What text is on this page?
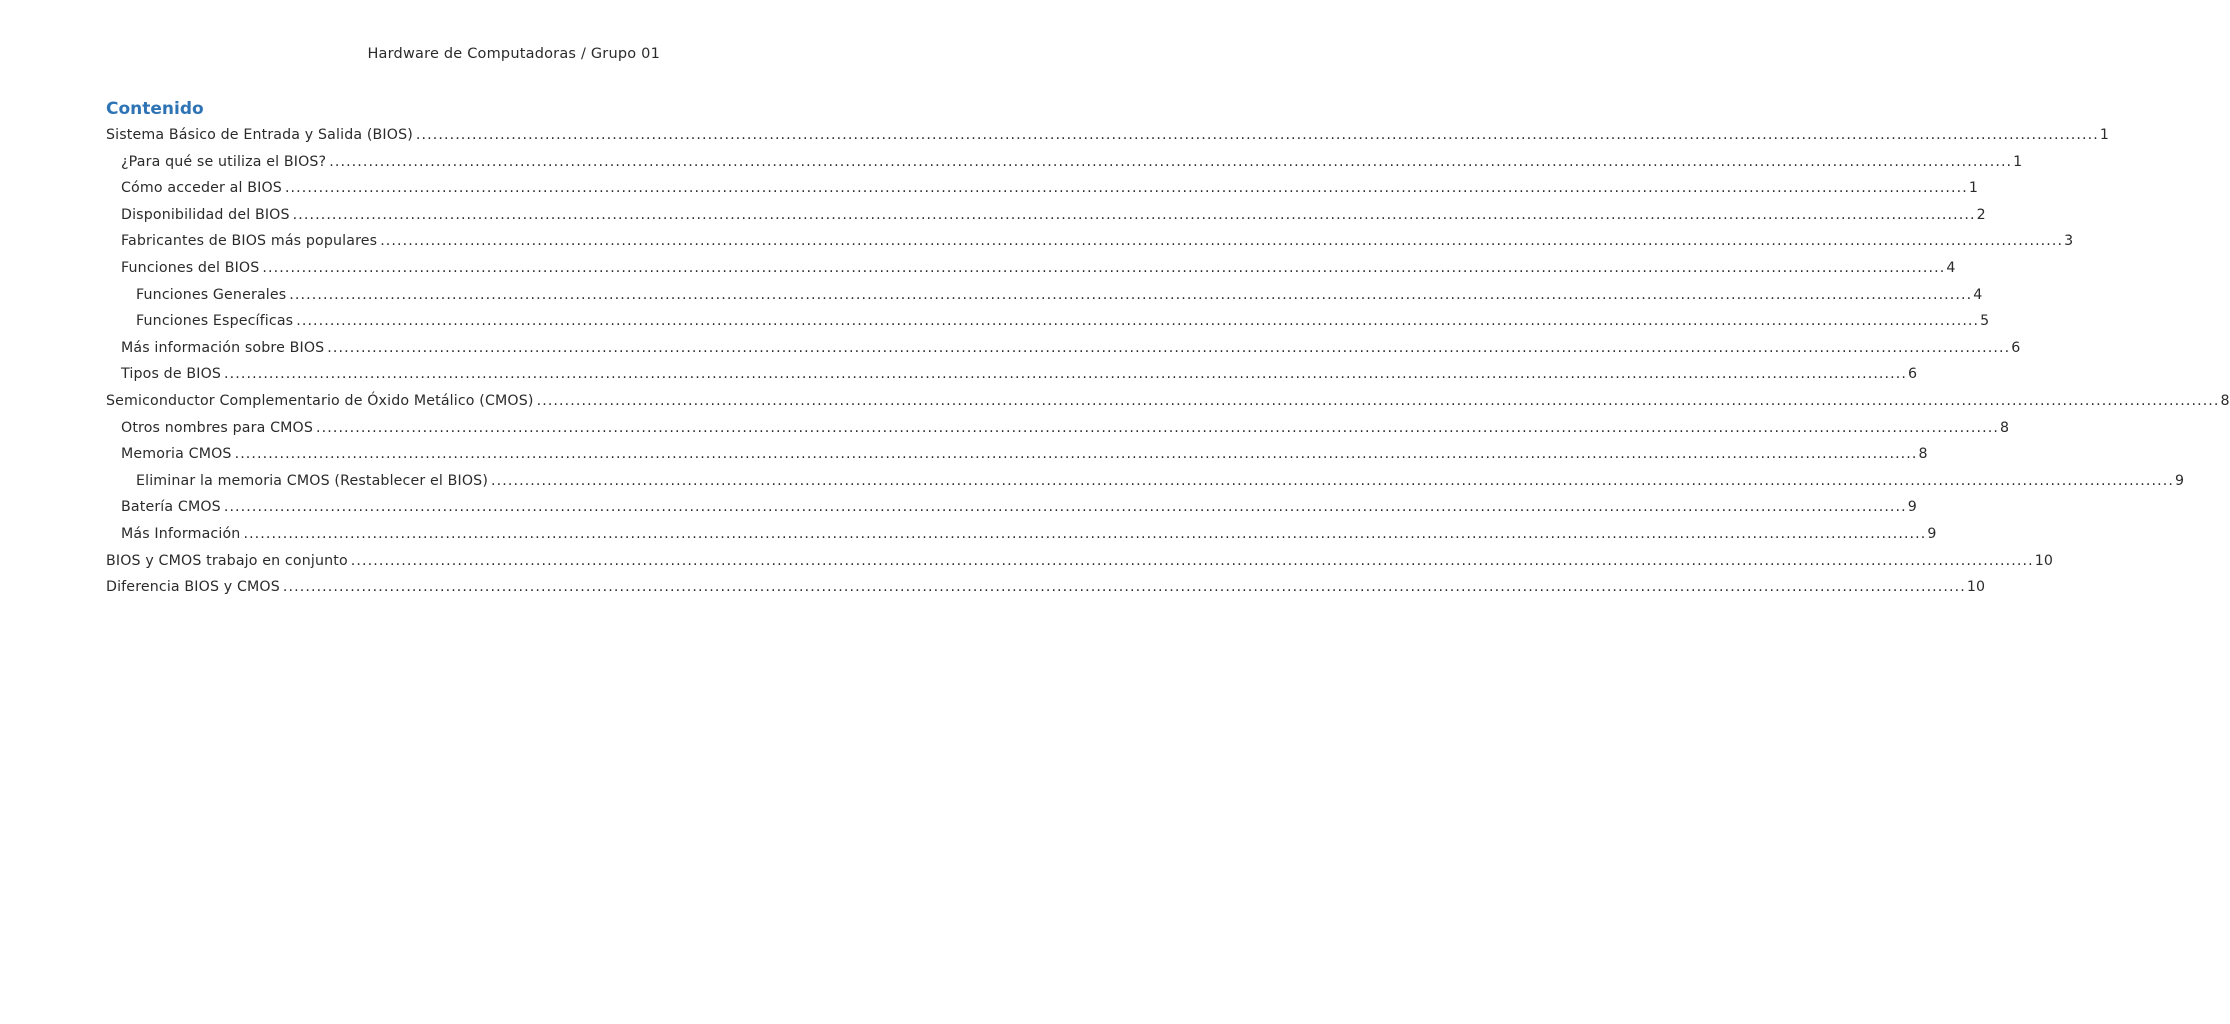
Hardware de Computadoras / Grupo 01
Contenido
Sistema Básico de Entrada y Salida (BIOS) ............................................................................................................................................................................................................................................................................................................ 1
¿Para qué se utiliza el BIOS? ............................................................................................................................................................................................................................................................................................................ 1
Cómo acceder al BIOS ............................................................................................................................................................................................................................................................................................................ 1
Disponibilidad del BIOS ............................................................................................................................................................................................................................................................................................................ 2
Fabricantes de BIOS más populares ............................................................................................................................................................................................................................................................................................................ 3
Funciones del BIOS ............................................................................................................................................................................................................................................................................................................ 4
Funciones Generales ............................................................................................................................................................................................................................................................................................................ 4
Funciones Específicas ............................................................................................................................................................................................................................................................................................................ 5
Más información sobre BIOS ............................................................................................................................................................................................................................................................................................................ 6
Tipos de BIOS ............................................................................................................................................................................................................................................................................................................ 6
Semiconductor Complementario de Óxido Metálico (CMOS) ............................................................................................................................................................................................................................................................................................................ 8
Otros nombres para CMOS ............................................................................................................................................................................................................................................................................................................ 8
Memoria CMOS ............................................................................................................................................................................................................................................................................................................ 8
Eliminar la memoria CMOS (Restablecer el BIOS) ............................................................................................................................................................................................................................................................................................................ 9
Batería CMOS ............................................................................................................................................................................................................................................................................................................ 9
Más Información ............................................................................................................................................................................................................................................................................................................ 9
BIOS y CMOS trabajo en conjunto ............................................................................................................................................................................................................................................................................................................ 10
Diferencia BIOS y CMOS ............................................................................................................................................................................................................................................................................................................ 10
